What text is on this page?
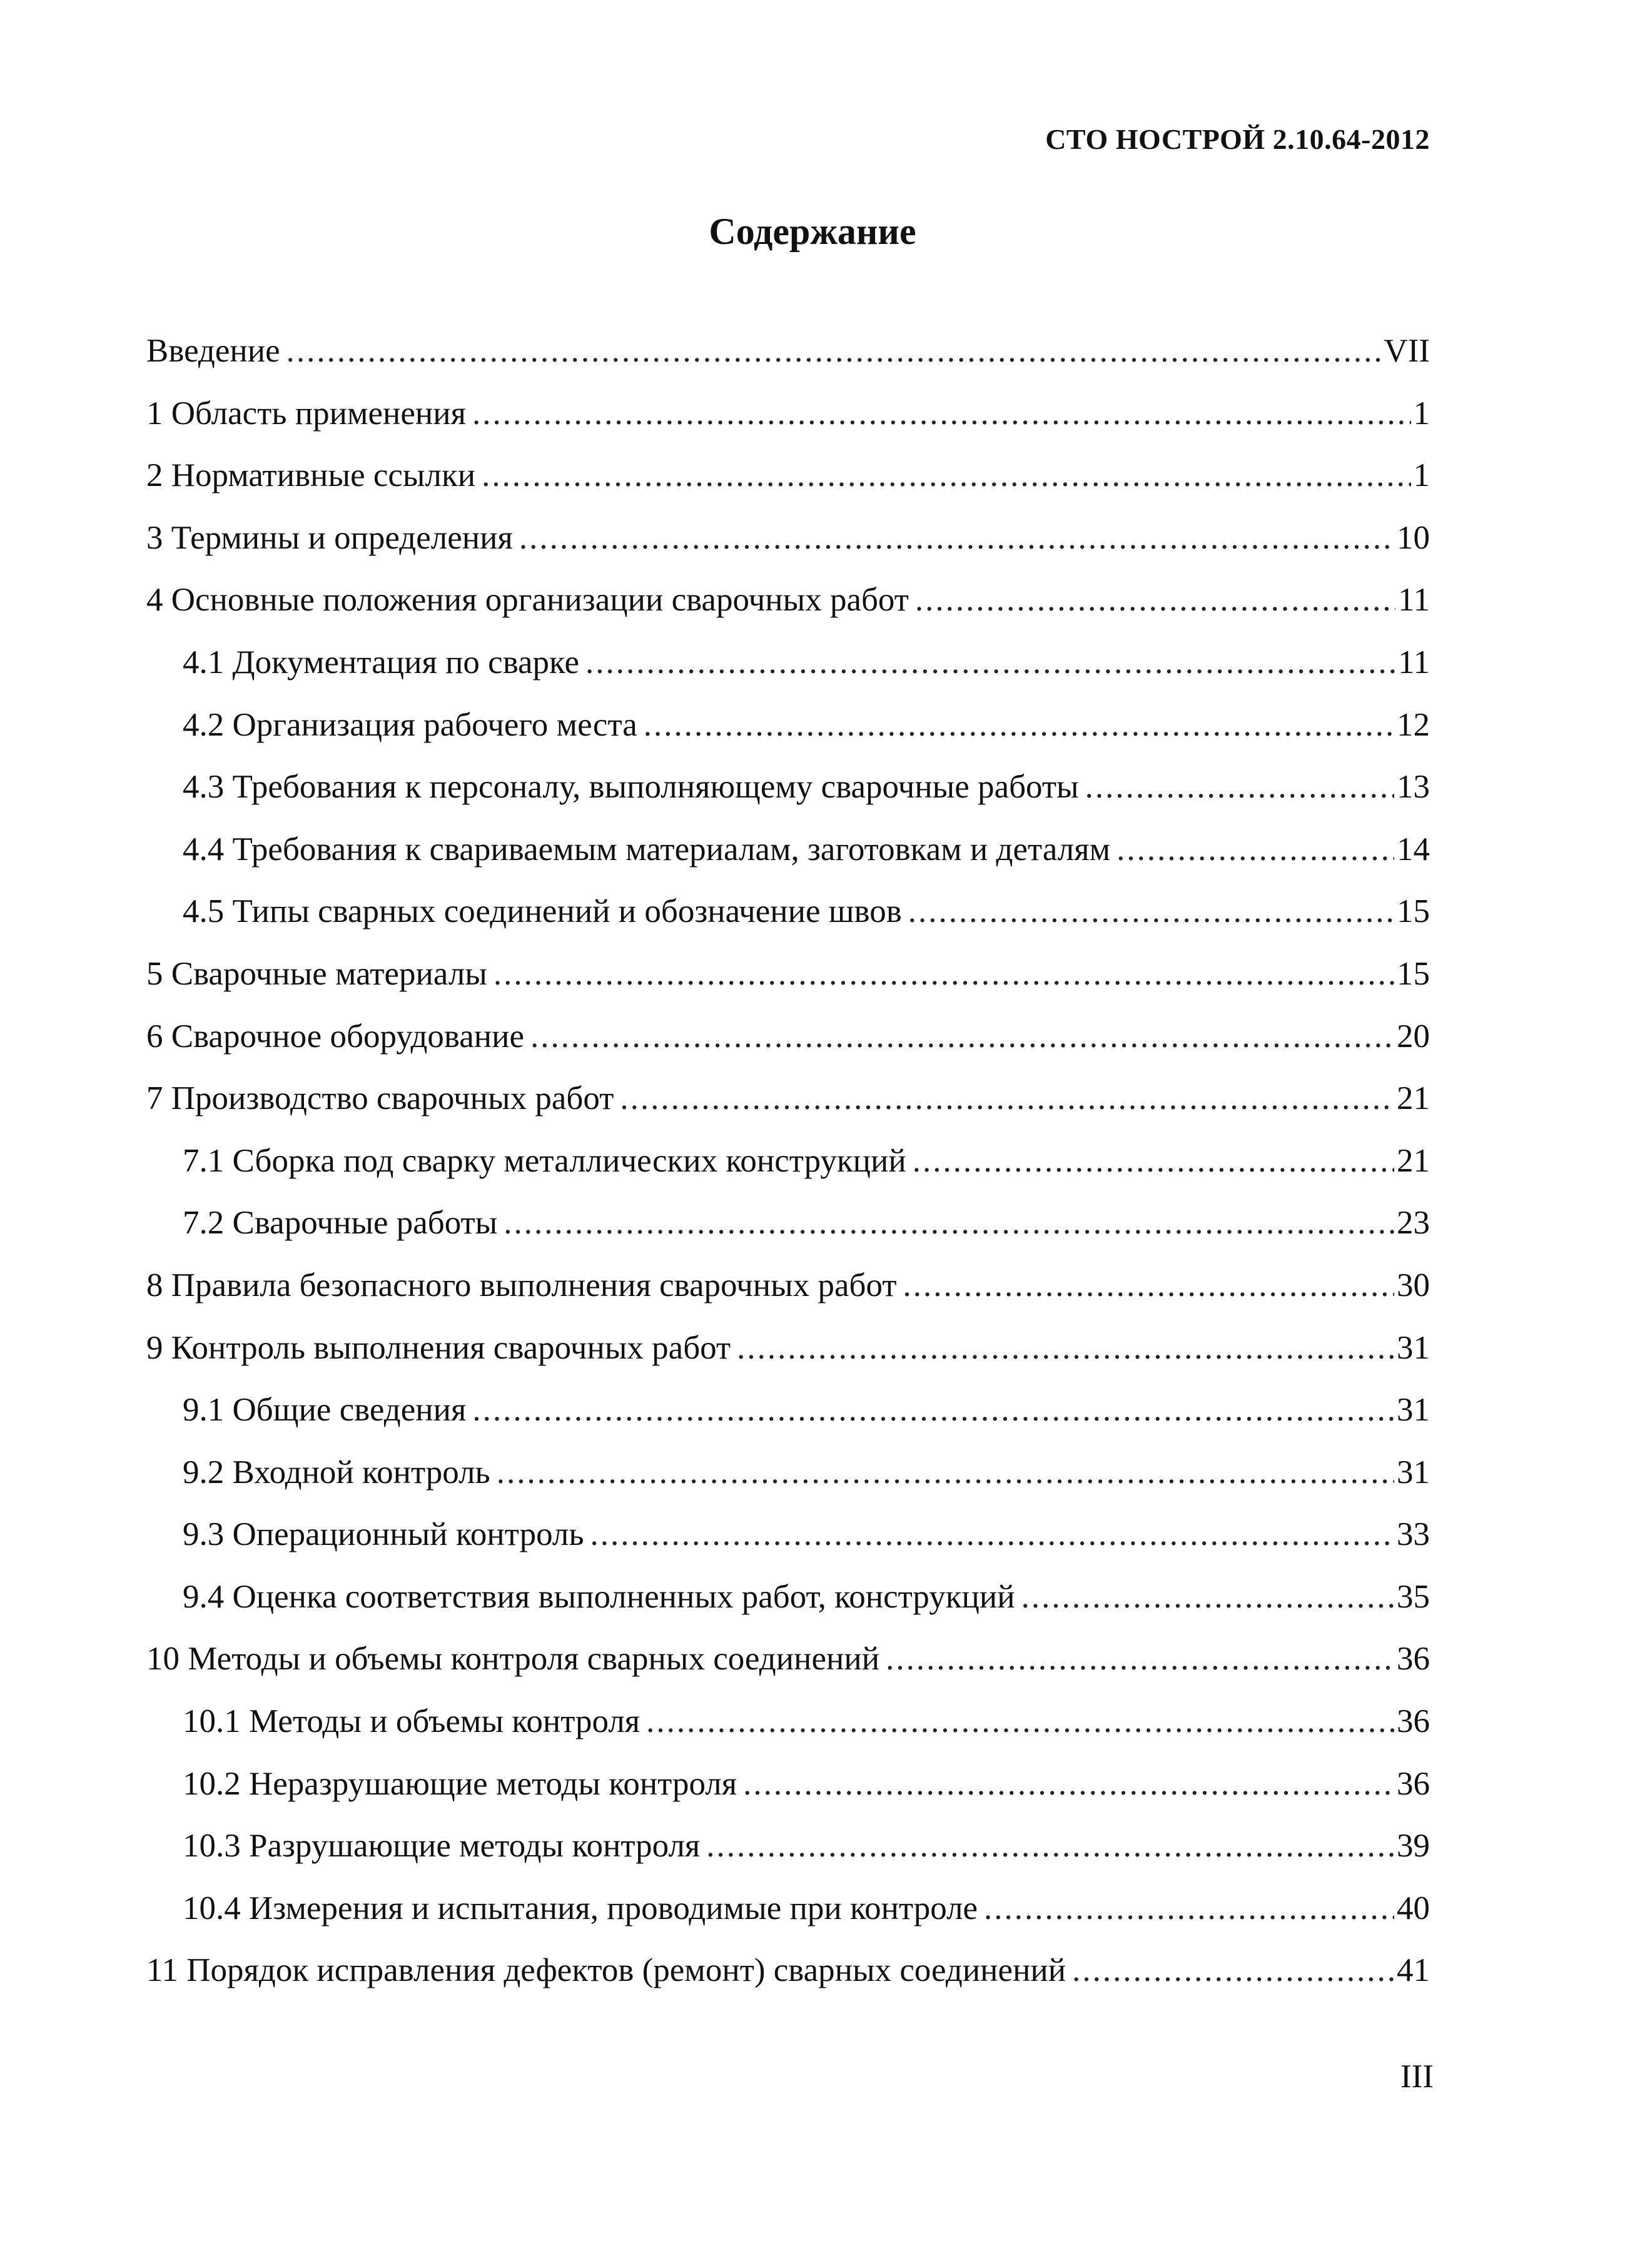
СТО НОСТРОЙ 2.10.64-2012
Содержание
Введение .....	VII
1 Область применения .....	1
2 Нормативные ссылки .....	1
3 Термины и определения .....	10
4 Основные положения организации сварочных работ .....	11
4.1 Документация по сварке .....	11
4.2 Организация рабочего места .....	12
4.3 Требования к персоналу, выполняющему сварочные работы .....	13
4.4 Требования к свариваемым материалам, заготовкам и деталям .....	14
4.5 Типы сварных соединений и обозначение швов .....	15
5 Сварочные материалы .....	15
6 Сварочное оборудование .....	20
7 Производство сварочных работ .....	21
7.1 Сборка под сварку металлических конструкций .....	21
7.2 Сварочные работы .....	23
8 Правила безопасного выполнения сварочных работ .....	30
9 Контроль выполнения сварочных работ .....	31
9.1 Общие сведения .....	31
9.2 Входной контроль .....	31
9.3 Операционный контроль .....	33
9.4 Оценка соответствия выполненных работ, конструкций .....	35
10 Методы и объемы контроля сварных соединений .....	36
10.1 Методы и объемы контроля .....	36
10.2 Неразрушающие методы контроля .....	36
10.3 Разрушающие методы контроля .....	39
10.4 Измерения и испытания, проводимые при контроле .....	40
11 Порядок исправления дефектов (ремонт) сварных соединений .....	41
III
